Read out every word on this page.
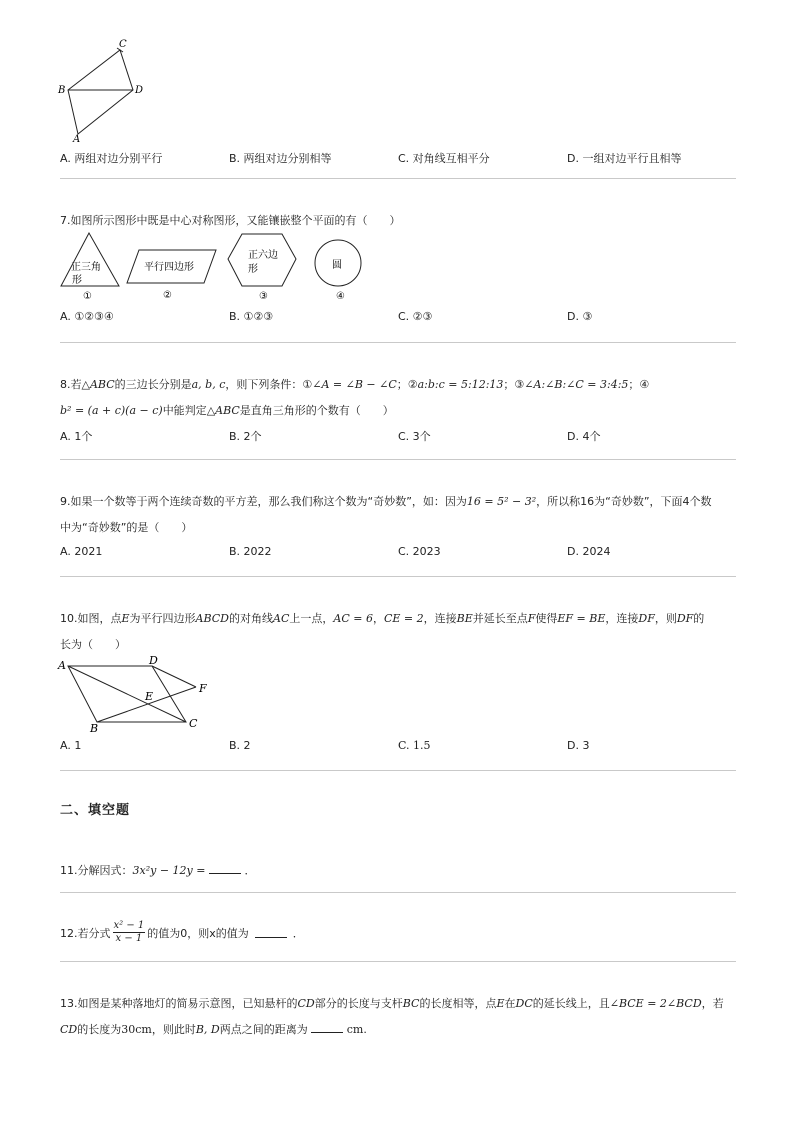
C
B	D
A
A. 两组对边分别平行	B. 两组对边分别相等	C. 对角线互相平分	D. 一组对边平行且相等
7.如图所示图形中既是中心对称图形，又能镶嵌整个平面的有（　　）
正三角
形
①
平行四边形
②
正六边
形
③
圆
④
A. ①②③④	B. ①②③	C. ②③	D. ③
8.若△ABC的三边长分别是a, b, c，则下列条件：①∠A = ∠B − ∠C；②a:b:c = 5:12:13；③∠A:∠B:∠C = 3:4:5；④
b² = (a + c)(a − c)中能判定△ABC是直角三角形的个数有（　　）
A. 1个	B. 2个	C. 3个	D. 4个
9.如果一个数等于两个连续奇数的平方差，那么我们称这个数为“奇妙数”，如：因为16 = 5² − 3²，所以称16为“奇妙数”，下面4个数
中为“奇妙数”的是（　　）
A. 2021	B. 2022	C. 2023	D. 2024
10.如图，点E为平行四边形ABCD的对角线AC上一点，AC = 6，CE = 2，连接BE并延长至点F使得EF = BE，连接DF，则DF的
长为（　　）
A	D
F
E
B	C
A. 1	B. 2	C. 1.5	D. 3
二、填空题
11.分解因式：3x²y − 12y =	．
12.若分式 $\frac{\text{x² − 1}}{x - 1}$ 的值为0，则x的值为	．
13.如图是某种落地灯的简易示意图，已知悬杆的CD部分的长度与支杆BC的长度相等，点E在DC的延长线上，且∠BCE = 2∠BCD，若
CD的长度为30cm，则此时B, D两点之间的距离为	cm.
